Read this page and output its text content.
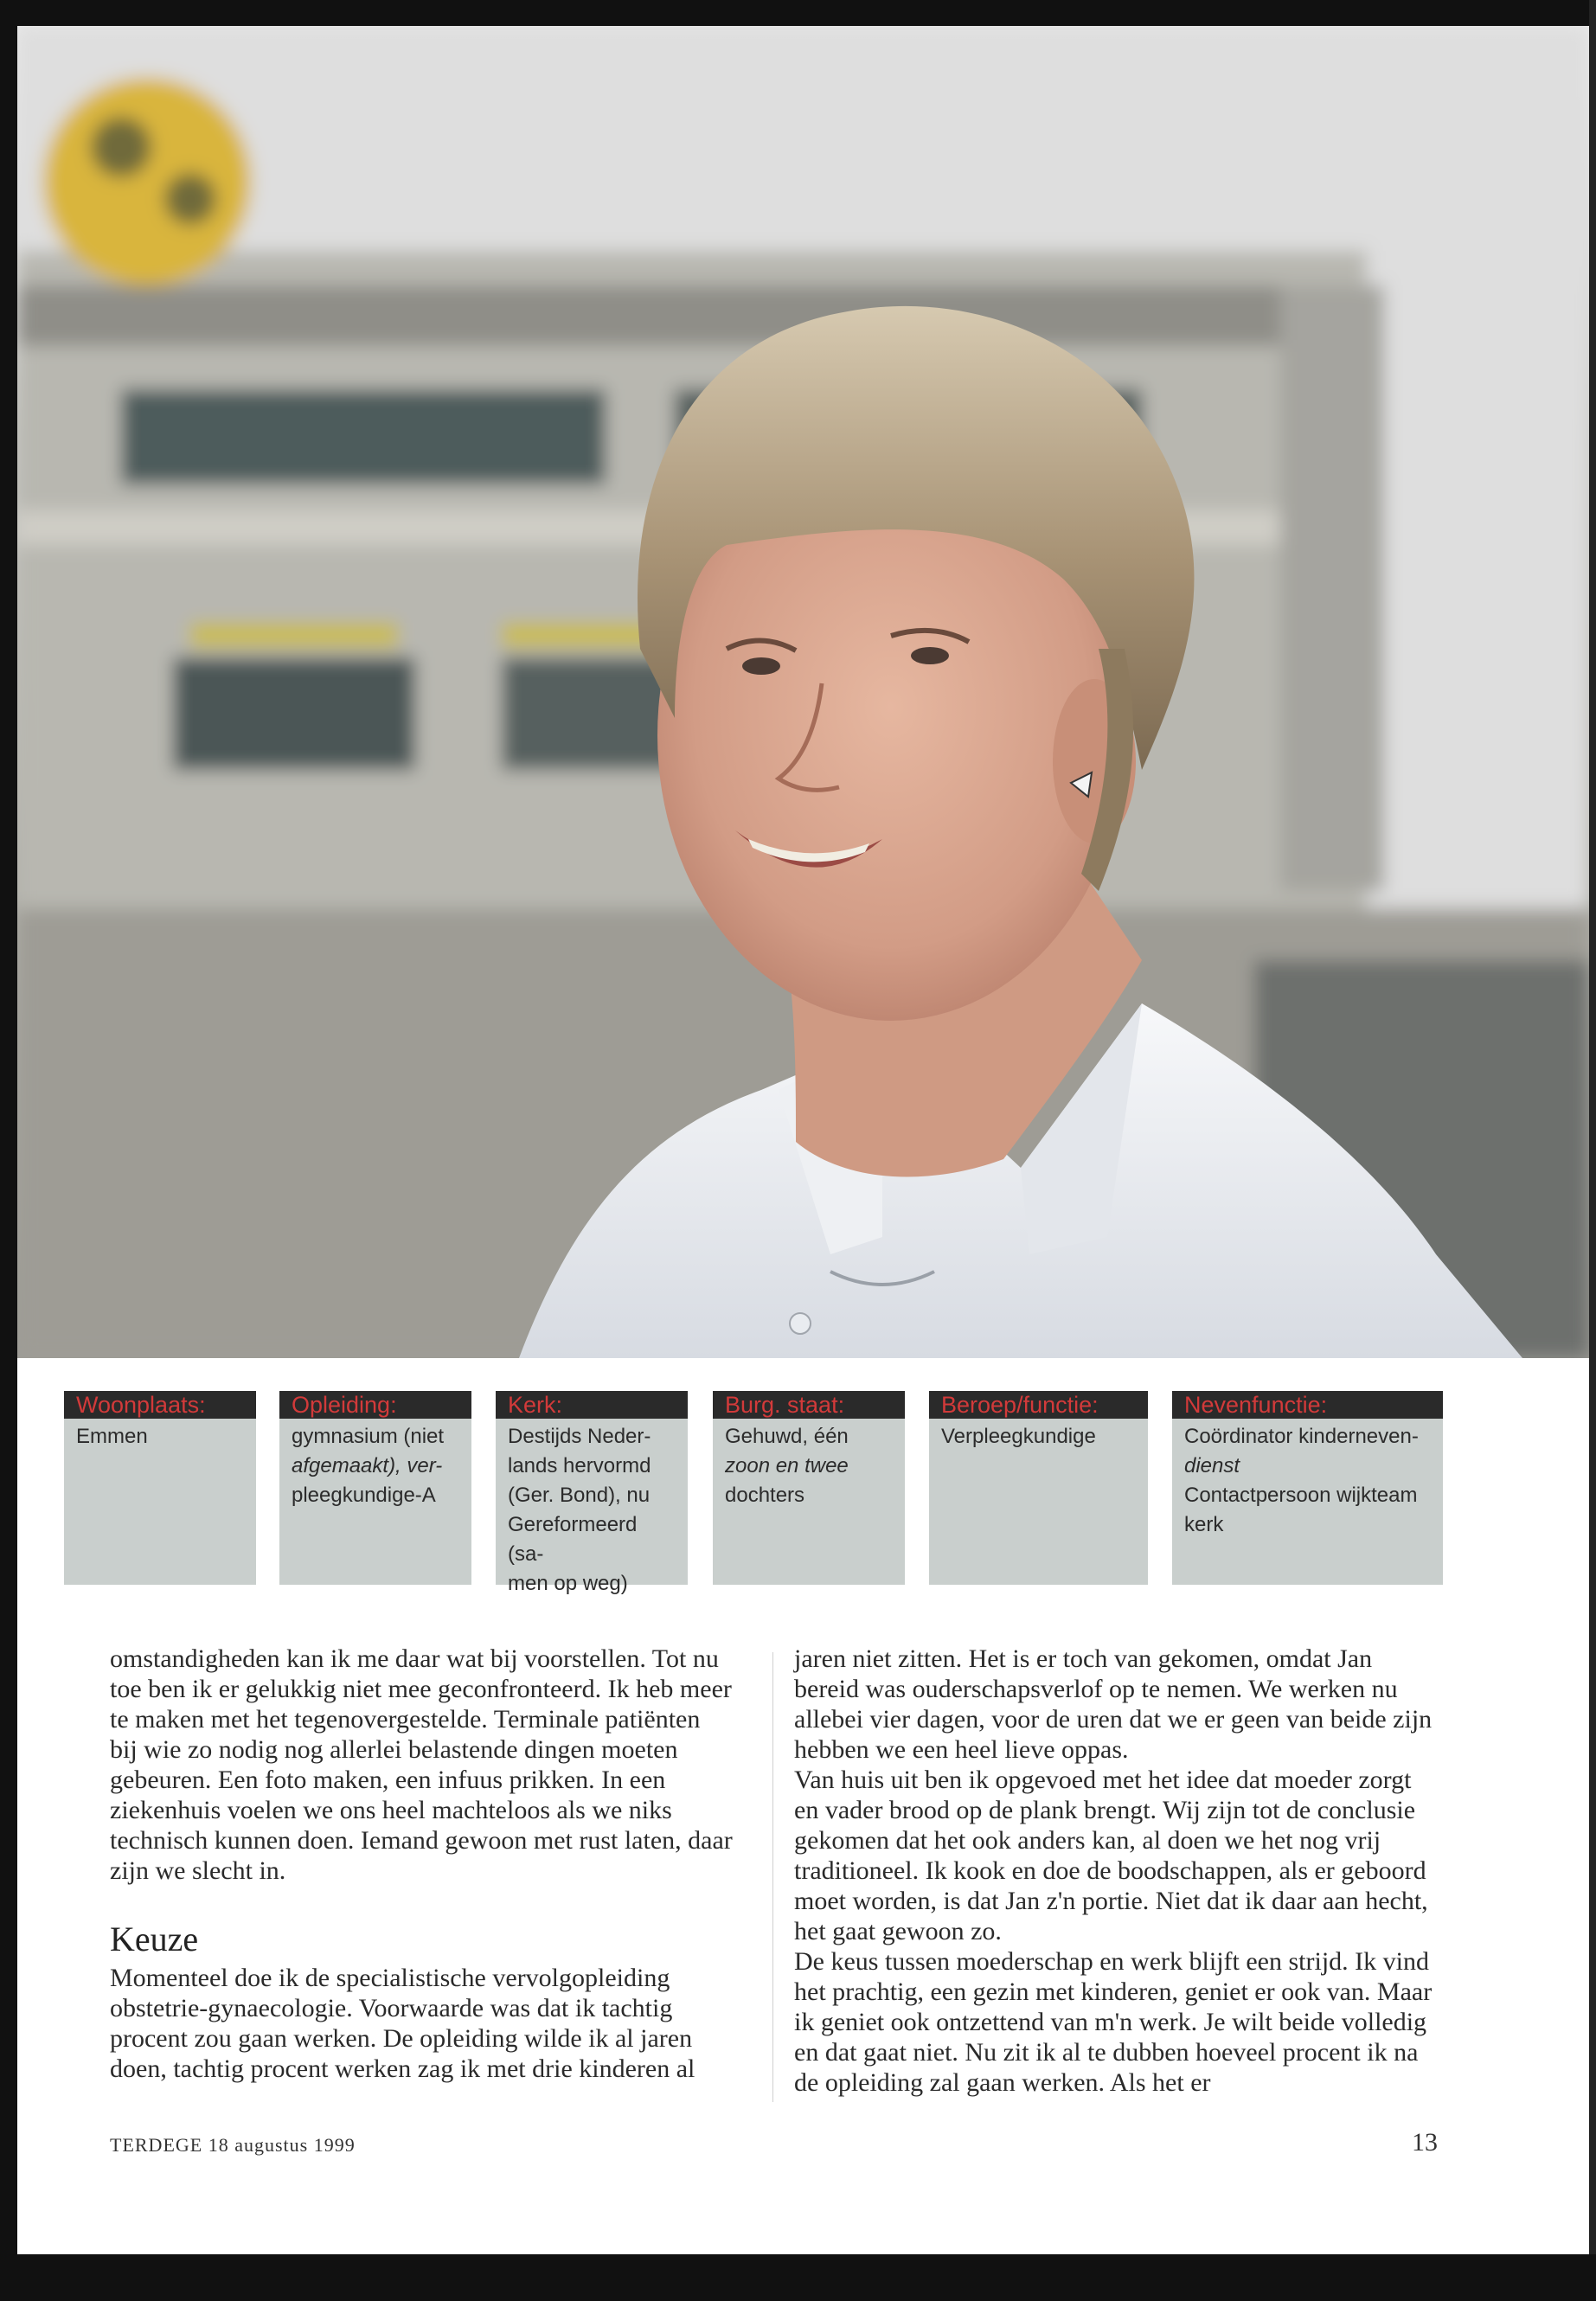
Woonplaats:
Emmen
Opleiding:
gymnasium (niet
afgemaakt), ver-
pleegkundige-A
Kerk:
Destijds Neder-
lands hervormd
(Ger. Bond), nu
Gereformeerd (sa-
men op weg)
Burg. staat:
Gehuwd, één
zoon en twee
dochters
Beroep/functie:
Verpleegkundige
Nevenfunctie:
Coördinator kinderneven-
dienst
Contactpersoon wijkteam
kerk

omstandigheden kan ik me daar wat bij voorstellen. Tot nu toe ben ik er gelukkig niet mee geconfronteerd. Ik heb meer te maken met het tegenovergestelde. Terminale patiënten bij wie zo nodig nog allerlei belastende dingen moeten gebeuren. Een foto maken, een infuus prikken. In een ziekenhuis voelen we ons heel machteloos als we niks technisch kunnen doen. Iemand gewoon met rust laten, daar zijn we slecht in.

Keuze

Momenteel doe ik de specialistische vervolgopleiding obstetrie-gynaecologie. Voorwaarde was dat ik tachtig procent zou gaan werken. De opleiding wilde ik al jaren doen, tachtig procent werken zag ik met drie kinderen al

jaren niet zitten. Het is er toch van gekomen, omdat Jan bereid was ouderschapsverlof op te nemen. We werken nu allebei vier dagen, voor de uren dat we er geen van beide zijn hebben we een heel lieve oppas.

Van huis uit ben ik opgevoed met het idee dat moeder zorgt en vader brood op de plank brengt. Wij zijn tot de conclusie gekomen dat het ook anders kan, al doen we het nog vrij traditioneel. Ik kook en doe de boodschappen, als er geboord moet worden, is dat Jan z'n portie. Niet dat ik daar aan hecht, het gaat gewoon zo.

De keus tussen moederschap en werk blijft een strijd. Ik vind het prachtig, een gezin met kinderen, geniet er ook van. Maar ik geniet ook ontzettend van m'n werk. Je wilt beide volledig en dat gaat niet. Nu zit ik al te dubben hoeveel procent ik na de opleiding zal gaan werken. Als het er

TERDEGE 18 augustus 1999	13
